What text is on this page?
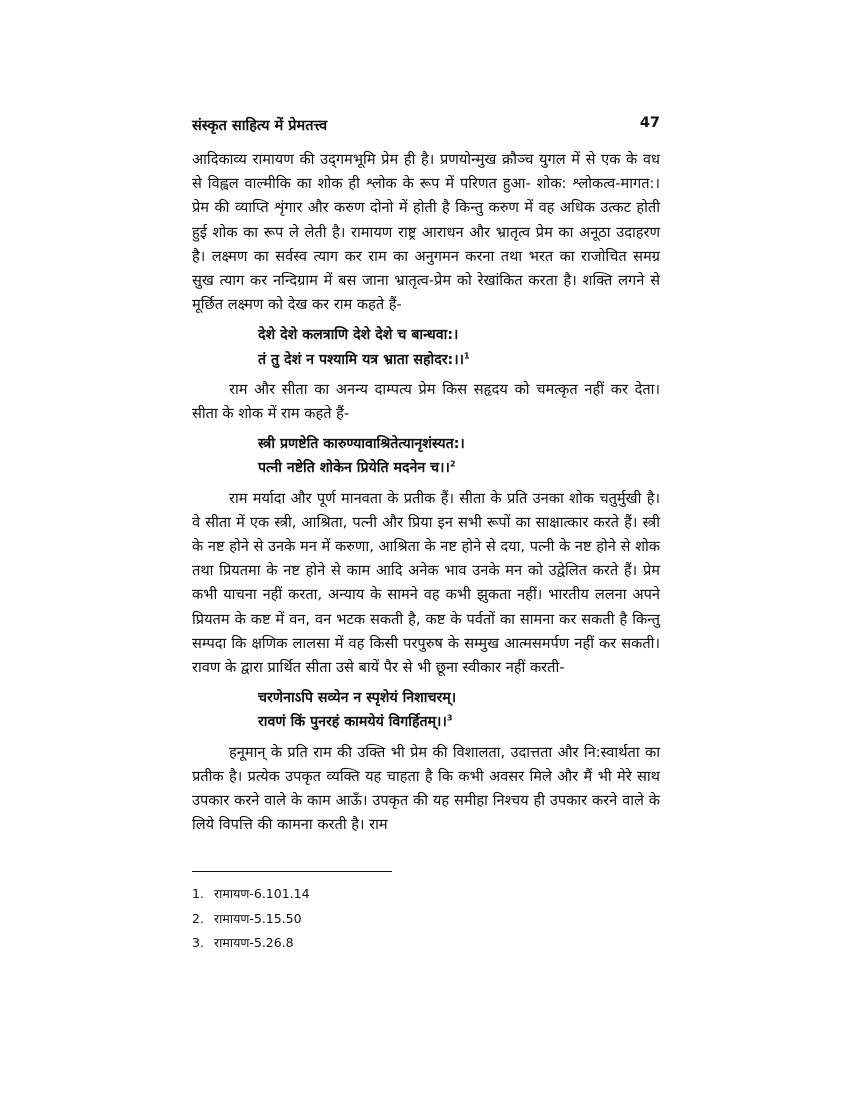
संस्कृत साहित्य में प्रेमतत्त्व	47

आदिकाव्य रामायण की उद्‌गमभूमि प्रेम ही है। प्रणयोन्मुख क्रौञ्च युगल में से एक के वध से विह्वल वाल्मीकि का शोक ही श्लोक के रूप में परिणत हुआ- शोक: श्लोकत्व-मागत:। प्रेम की व्याप्ति शृंगार और करुण दोनो में होती है किन्तु करुण में वह अधिक उत्कट होती हुई शोक का रूप ले लेती है। रामायण राष्ट्र आराधन और भ्रातृत्व प्रेम का अनूठा उदाहरण है। लक्ष्मण का सर्वस्व त्याग कर राम का अनुगमन करना तथा भरत का राजोचित समग्र सुख त्याग कर नन्दिग्राम में बस जाना भ्रातृत्व-प्रेम को रेखांकित करता है। शक्ति लगने से मूर्छित लक्ष्मण को देख कर राम कहते हैं-

देशे देशे कलत्राणि देशे देशे च बान्धवा:।
तं तु देशं न पश्यामि यत्र भ्राता सहोदर:।।$^1$

राम और सीता का अनन्य दाम्पत्य प्रेम किस सहृदय को चमत्कृत नहीं कर देता। सीता के शोक में राम कहते हैं-

स्त्री प्रणष्टेति कारुण्यावाश्रितेत्यानृशंस्यत:।
पत्नी नष्टेति शोकेन प्रियेति मदनेन च।।$^2$

राम मर्यादा और पूर्ण मानवता के प्रतीक हैं। सीता के प्रति उनका शोक चतुर्मुखी है। वे सीता में एक स्त्री, आश्रिता, पत्नी और प्रिया इन सभी रूपों का साक्षात्कार करते हैं। स्त्री के नष्ट होने से उनके मन में करुणा, आश्रिता के नष्ट होने से दया, पत्नी के नष्ट होने से शोक तथा प्रियतमा के नष्ट होने से काम आदि अनेक भाव उनके मन को उद्वेलित करते हैं। प्रेम कभी याचना नहीं करता, अन्याय के सामने वह कभी झुकता नहीं। भारतीय ललना अपने प्रियतम के कष्ट में वन, वन भटक सकती है, कष्ट के पर्वतों का सामना कर सकती है किन्तु सम्पदा कि क्षणिक लालसा में वह किसी परपुरुष के सम्मुख आत्मसमर्पण नहीं कर सकती। रावण के द्वारा प्रार्थित सीता उसे बायें पैर से भी छूना स्वीकार नहीं करती-

चरणेनाऽपि सव्येन न स्पृशेयं निशाचरम्।
रावणं किं पुनरहं कामयेयं विगर्हितम्।।$^3$

हनूमान् के प्रति राम की उक्ति भी प्रेम की विशालता, उदात्तता और नि:स्वार्थता का प्रतीक है। प्रत्येक उपकृत व्यक्ति यह चाहता है कि कभी अवसर मिले और मैं भी मेरे साथ उपकार करने वाले के काम आऊँ। उपकृत की यह समीहा निश्चय ही उपकार करने वाले के लिये विपत्ति की कामना करती है। राम

1. रामायण-6.101.14
2. रामायण-5.15.50
3. रामायण-5.26.8
